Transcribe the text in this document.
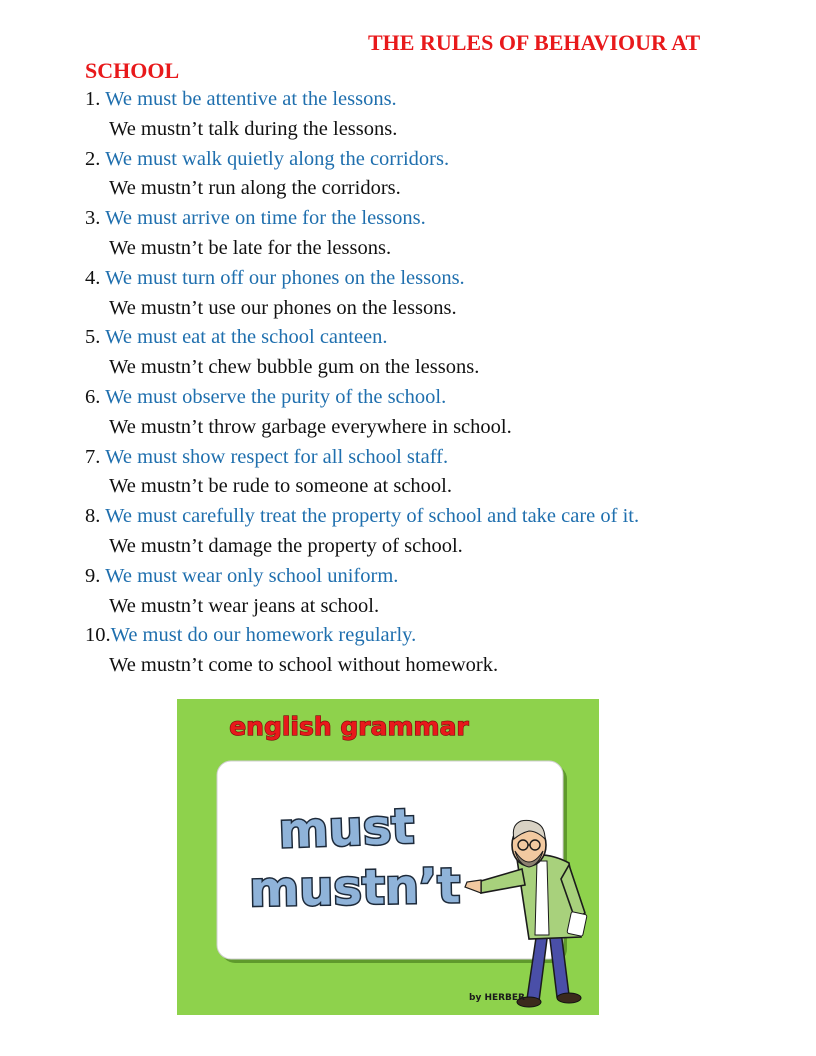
THE RULES OF BEHAVIOUR AT
SCHOOL
1. We must be attentive at the lessons.
We mustn’t talk during the lessons.
2. We must walk quietly along the corridors.
We mustn’t run along the corridors.
3. We must arrive on time for the lessons.
We mustn’t be late for the lessons.
4. We must turn off our phones on the lessons.
We mustn’t use our phones on the lessons.
5. We must eat at the school canteen.
We mustn’t chew bubble gum on the lessons.
6. We must observe the purity of the school.
We mustn’t throw garbage everywhere in school.
7. We must show respect for all school staff.
We mustn’t be rude to someone at school.
8. We must carefully treat the property of school and take care of it.
We mustn’t damage the property of school.
9. We must wear only school uniform.
We mustn’t wear jeans at school.
10.We must do our homework regularly.
We mustn’t come to school without homework.
english grammar
must
mustn’t
by HERBER
